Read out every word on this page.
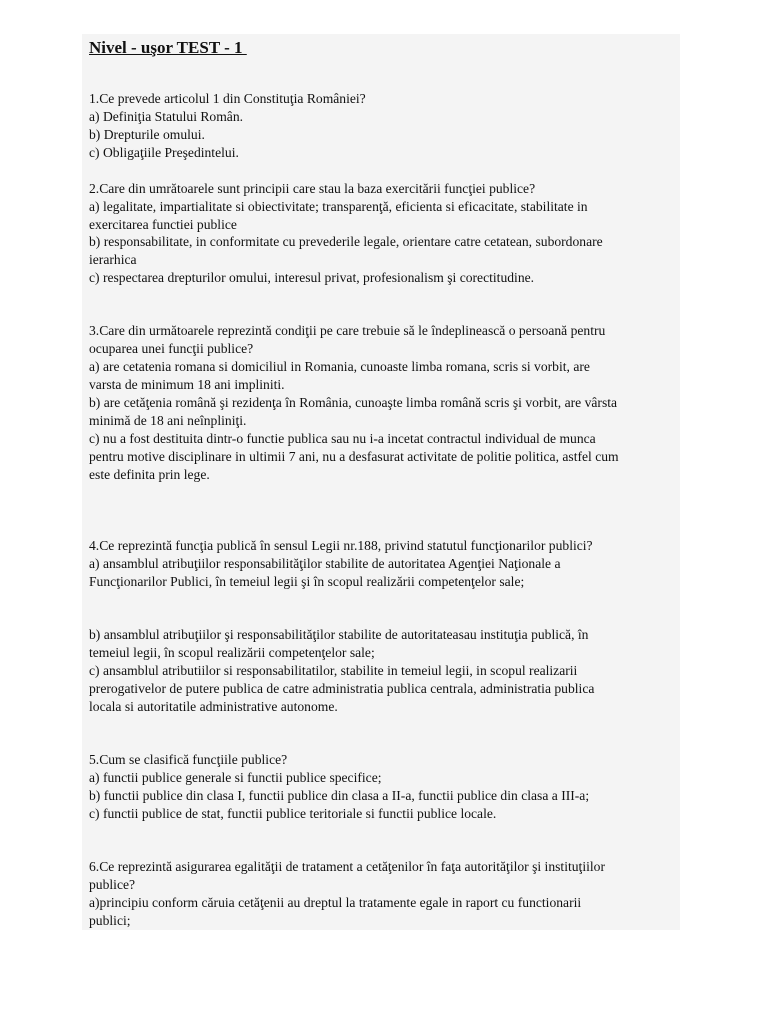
Nivel - uşor TEST - 1
1.Ce prevede articolul 1 din Constituţia României?
a) Definiţia Statului Român.
b) Drepturile omului.
c) Obligaţiile Preşedintelui.
2.Care din umrătoarele sunt principii care stau la baza exercitării funcţiei publice?
a) legalitate, impartialitate si obiectivitate; transparenţă, eficienta si eficacitate, stabilitate in
exercitarea functiei publice
b) responsabilitate, in conformitate cu prevederile legale, orientare catre cetatean, subordonare
ierarhica
c) respectarea drepturilor omului, interesul privat, profesionalism şi corectitudine.
3.Care din următoarele reprezintă condiţii pe care trebuie să le îndeplinească o persoană pentru
ocuparea unei funcţii publice?
a) are cetatenia romana si domiciliul in Romania, cunoaste limba romana, scris si vorbit, are
varsta de minimum 18 ani impliniti.
b) are cetăţenia română şi rezidenţa în România, cunoaşte limba română scris şi vorbit, are vârsta
minimă de 18 ani neînpliniţi.
c) nu a fost destituita dintr-o functie publica sau nu i-a incetat contractul individual de munca
pentru motive disciplinare in ultimii 7 ani, nu a desfasurat activitate de politie politica, astfel cum
este definita prin lege.
4.Ce reprezintă funcţia publică în sensul Legii nr.188, privind statutul funcţionarilor publici?
a) ansamblul atribuţiilor responsabilităţilor stabilite de autoritatea Agenţiei Naţionale a
Funcţionarilor Publici, în temeiul legii şi în scopul realizării competenţelor sale;
b) ansamblul atribuţiilor şi responsabilităţilor stabilite de autoritateasau instituţia publică, în
temeiul legii, în scopul realizării competenţelor sale;
c) ansamblul atributiilor si responsabilitatilor, stabilite in temeiul legii, in scopul realizarii
prerogativelor de putere publica de catre administratia publica centrala, administratia publica
locala si autoritatile administrative autonome.
5.Cum se clasifică funcţiile publice?
a) functii publice generale si functii publice specifice;
b) functii publice din clasa I, functii publice din clasa a II-a, functii publice din clasa a III-a;
c) functii publice de stat, functii publice teritoriale si functii publice locale.
6.Ce reprezintă asigurarea egalităţii de tratament a cetăţenilor în faţa autorităţilor şi instituţiilor
publice?
a)principiu conform căruia cetăţenii au dreptul la tratamente egale in raport cu functionarii
publici;
